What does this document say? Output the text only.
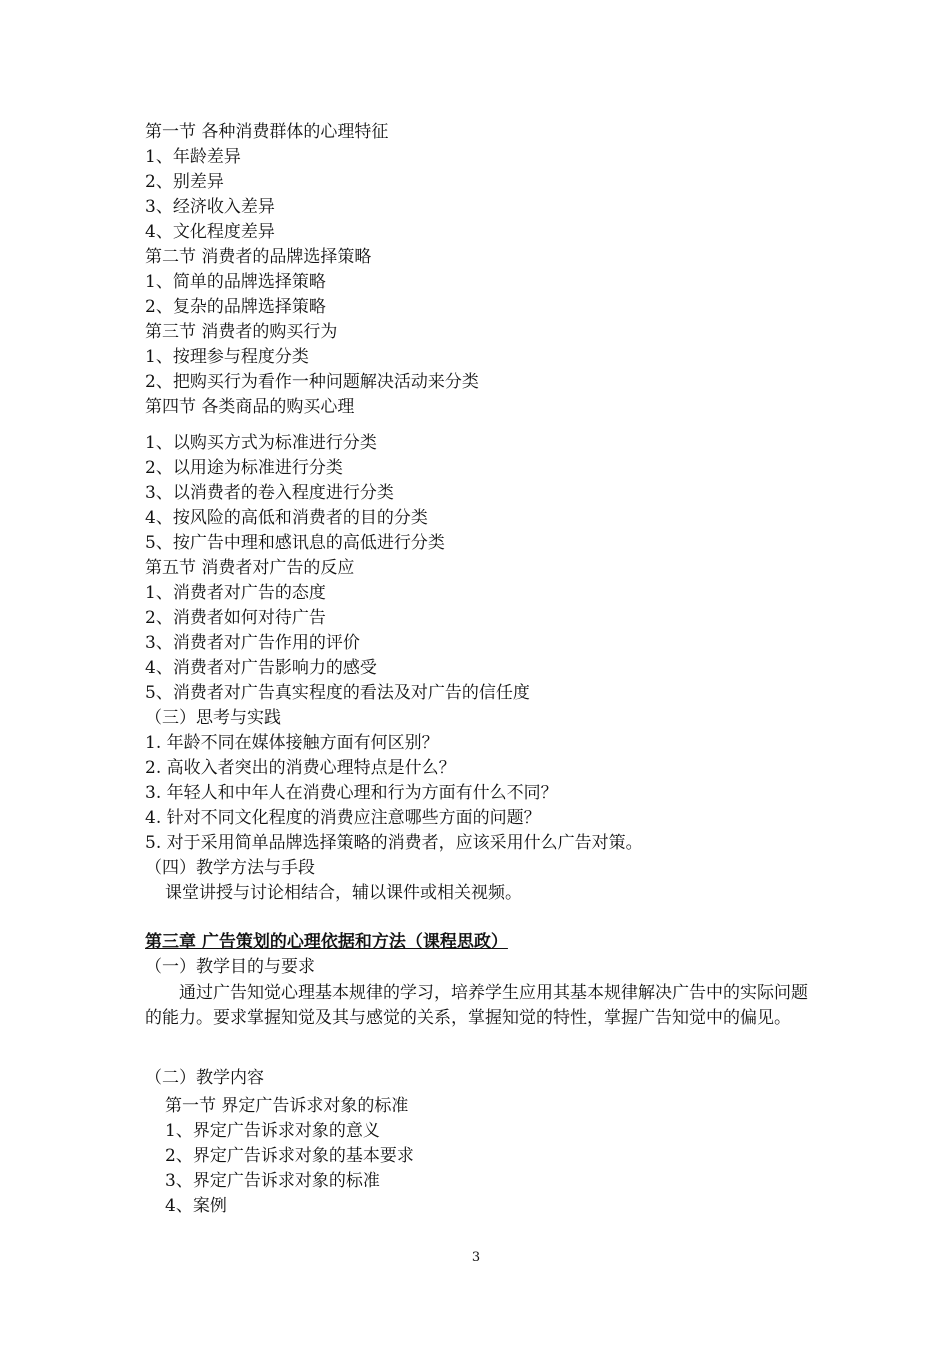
第一节 各种消费群体的心理特征
1、年龄差异
2、别差异
3、经济收入差异
4、文化程度差异
第二节 消费者的品牌选择策略
1、简单的品牌选择策略
2、复杂的品牌选择策略
第三节 消费者的购买行为
1、按理参与程度分类
2、把购买行为看作一种问题解决活动来分类
第四节 各类商品的购买心理
1、以购买方式为标准进行分类
2、以用途为标准进行分类
3、以消费者的卷入程度进行分类
4、按风险的高低和消费者的目的分类
5、按广告中理和感讯息的高低进行分类
第五节 消费者对广告的反应
1、消费者对广告的态度
2、消费者如何对待广告
3、消费者对广告作用的评价
4、消费者对广告影响力的感受
5、消费者对广告真实程度的看法及对广告的信任度
（三）思考与实践
1. 年龄不同在媒体接触方面有何区别？
2. 高收入者突出的消费心理特点是什么？
3. 年轻人和中年人在消费心理和行为方面有什么不同？
4. 针对不同文化程度的消费应注意哪些方面的问题？
5. 对于采用简单品牌选择策略的消费者，应该采用什么广告对策。
（四）教学方法与手段
课堂讲授与讨论相结合，辅以课件或相关视频。
第三章 广告策划的心理依据和方法（课程思政）
（一）教学目的与要求
通过广告知觉心理基本规律的学习，培养学生应用其基本规律解决广告中的实际问题的能力。要求掌握知觉及其与感觉的关系，掌握知觉的特性，掌握广告知觉中的偏见。
（二）教学内容
第一节 界定广告诉求对象的标准
1、界定广告诉求对象的意义
2、界定广告诉求对象的基本要求
3、界定广告诉求对象的标准
4、案例
3
